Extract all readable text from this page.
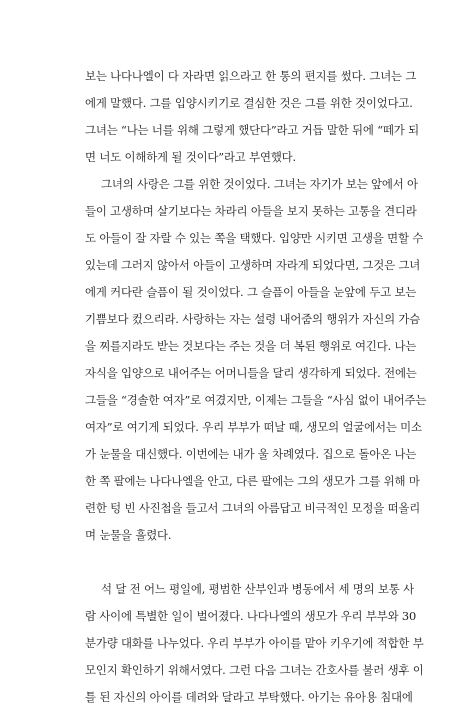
보는 나다나엘이 다 자라면 읽으라고 한 통의 편지를 썼다. 그녀는 그
에게 말했다. 그를 입양시키기로 결심한 것은 그를 위한 것이었다고.
그녀는 “나는 너를 위해 그렇게 했단다”라고 거듭 말한 뒤에 “떼가 되
면 너도 이해하게 될 것이다”라고 부연했다.
그녀의 사랑은 그를 위한 것이었다. 그녀는 자기가 보는 앞에서 아
들이 고생하며 살기보다는 차라리 아들을 보지 못하는 고통을 견디라
도 아들이 잘 자랄 수 있는 쪽을 택했다. 입양만 시키면 고생을 면할 수
있는데 그러지 않아서 아들이 고생하며 자라게 되었다면, 그것은 그녀
에게 커다란 슬픔이 될 것이었다. 그 슬픔이 아들을 눈앞에 두고 보는
기쁨보다 컸으리라. 사랑하는 자는 설령 내어줌의 행위가 자신의 가슴
을 찌를지라도 받는 것보다는 주는 것을 더 복된 행위로 여긴다. 나는
자식을 입양으로 내어주는 어머니들을 달리 생각하게 되었다. 전에는
그들을 “경솔한 여자”로 여겼지만, 이제는 그들을 “사심 없이 내어주는
여자”로 여기게 되었다. 우리 부부가 떠날 때, 생모의 얼굴에서는 미소
가 눈물을 대신했다. 이번에는 내가 울 차례였다. 집으로 돌아온 나는
한 쪽 팔에는 나다나엘을 안고, 다른 팔에는 그의 생모가 그를 위해 마
련한 텅 빈 사진첩을 들고서 그녀의 아름답고 비극적인 모정을 떠올리
며 눈물을 흘렸다.
석 달 전 어느 평일에, 평범한 산부인과 병동에서 세 명의 보통 사
람 사이에 특별한 일이 벌어졌다. 나다나엘의 생모가 우리 부부와 30
분가량 대화를 나누었다. 우리 부부가 아이를 맡아 키우기에 적합한 부
모인지 확인하기 위해서였다. 그런 다음 그녀는 간호사를 불러 생후 이
틀 된 자신의 아이를 데려와 달라고 부탁했다. 아기는 유아용 침대에
